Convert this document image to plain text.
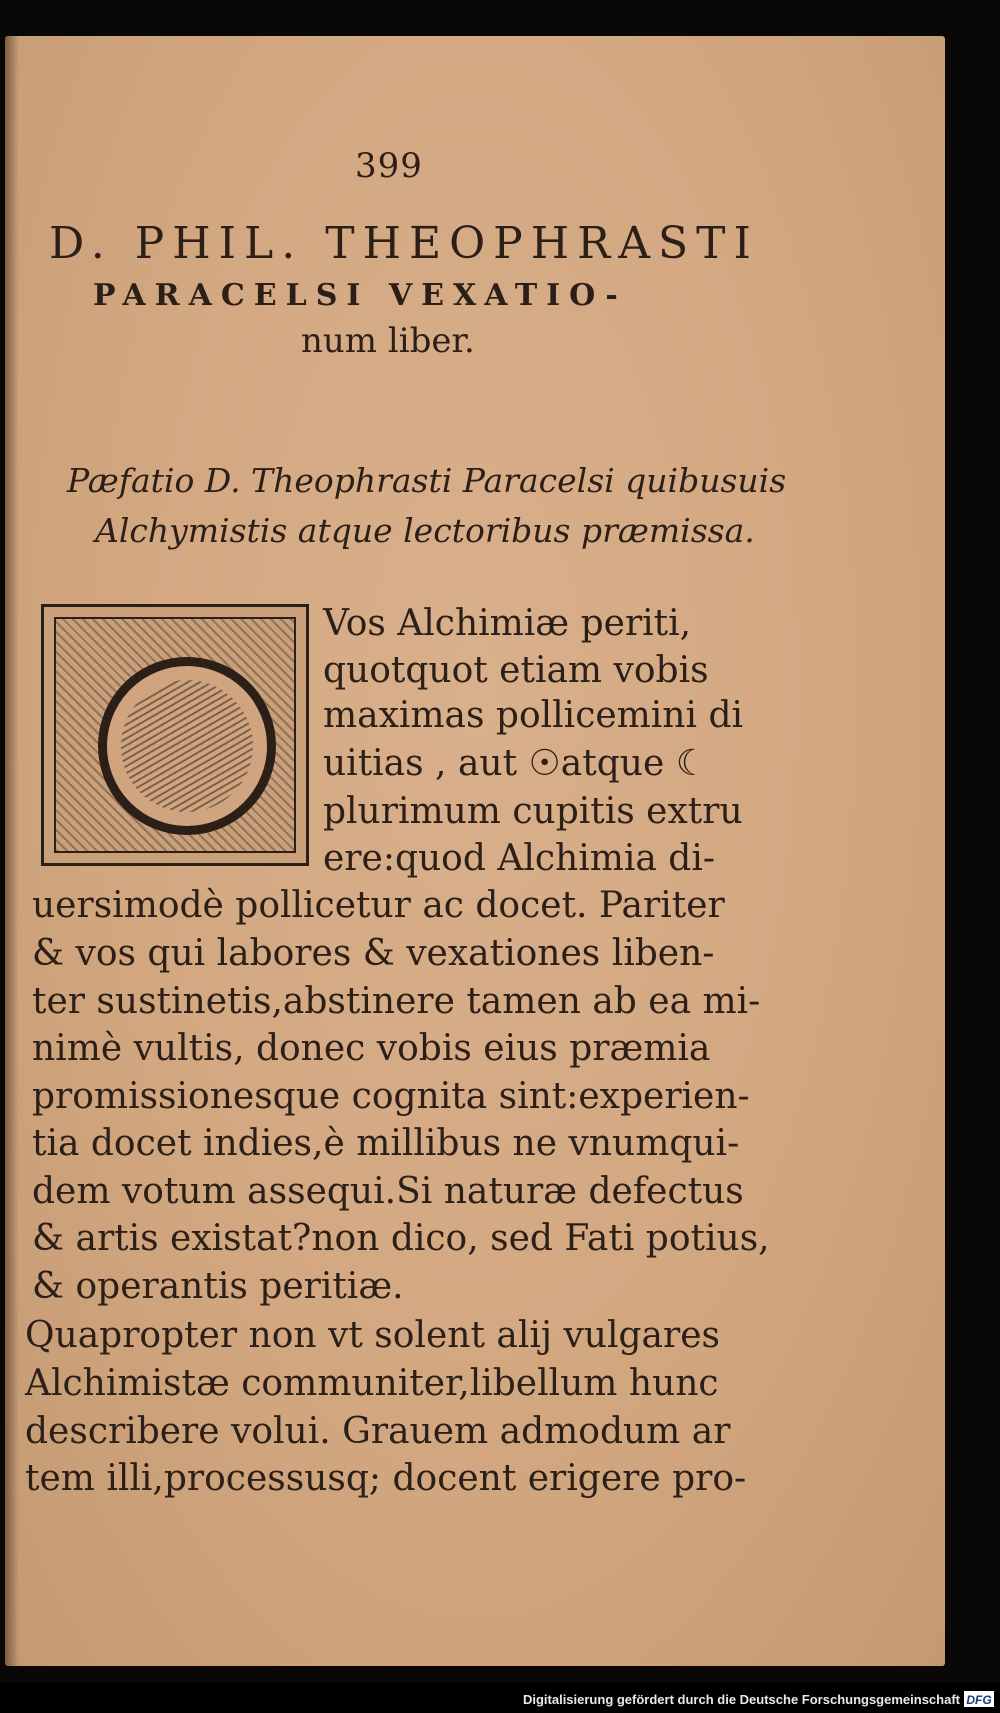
399
D. PHIL. THEOPHRASTI
PARACELSI VEXATIO-
num liber.
Pæfatio D. Theophrasti Paracelsi quibusuis
Alchymistis atque lectoribus præmissa.
Vos Alchimiæ periti,
quotquot etiam vobis
maximas pollicemini di
uitias , aut ☉atque ☾
plurimum cupitis extru
ere:quod Alchimia di-
uersimodè pollicetur ac docet. Pariter
& vos qui labores & vexationes liben-
ter sustinetis,abstinere tamen ab ea mi-
nimè vultis, donec vobis eius præmia
promissionesque cognita sint:experien-
tia docet indies,è millibus ne vnumqui-
dem votum assequi.Si naturæ defectus
& artis existat?non dico, sed Fati potius,
& operantis peritiæ.
Quapropter non vt solent alij vulgares
Alchimistæ communiter,libellum hunc
describere volui. Grauem admodum ar
tem illi,processusq; docent erigere pro-
Digitalisierung gefördert durch die Deutsche Forschungsgemeinschaft DFG
